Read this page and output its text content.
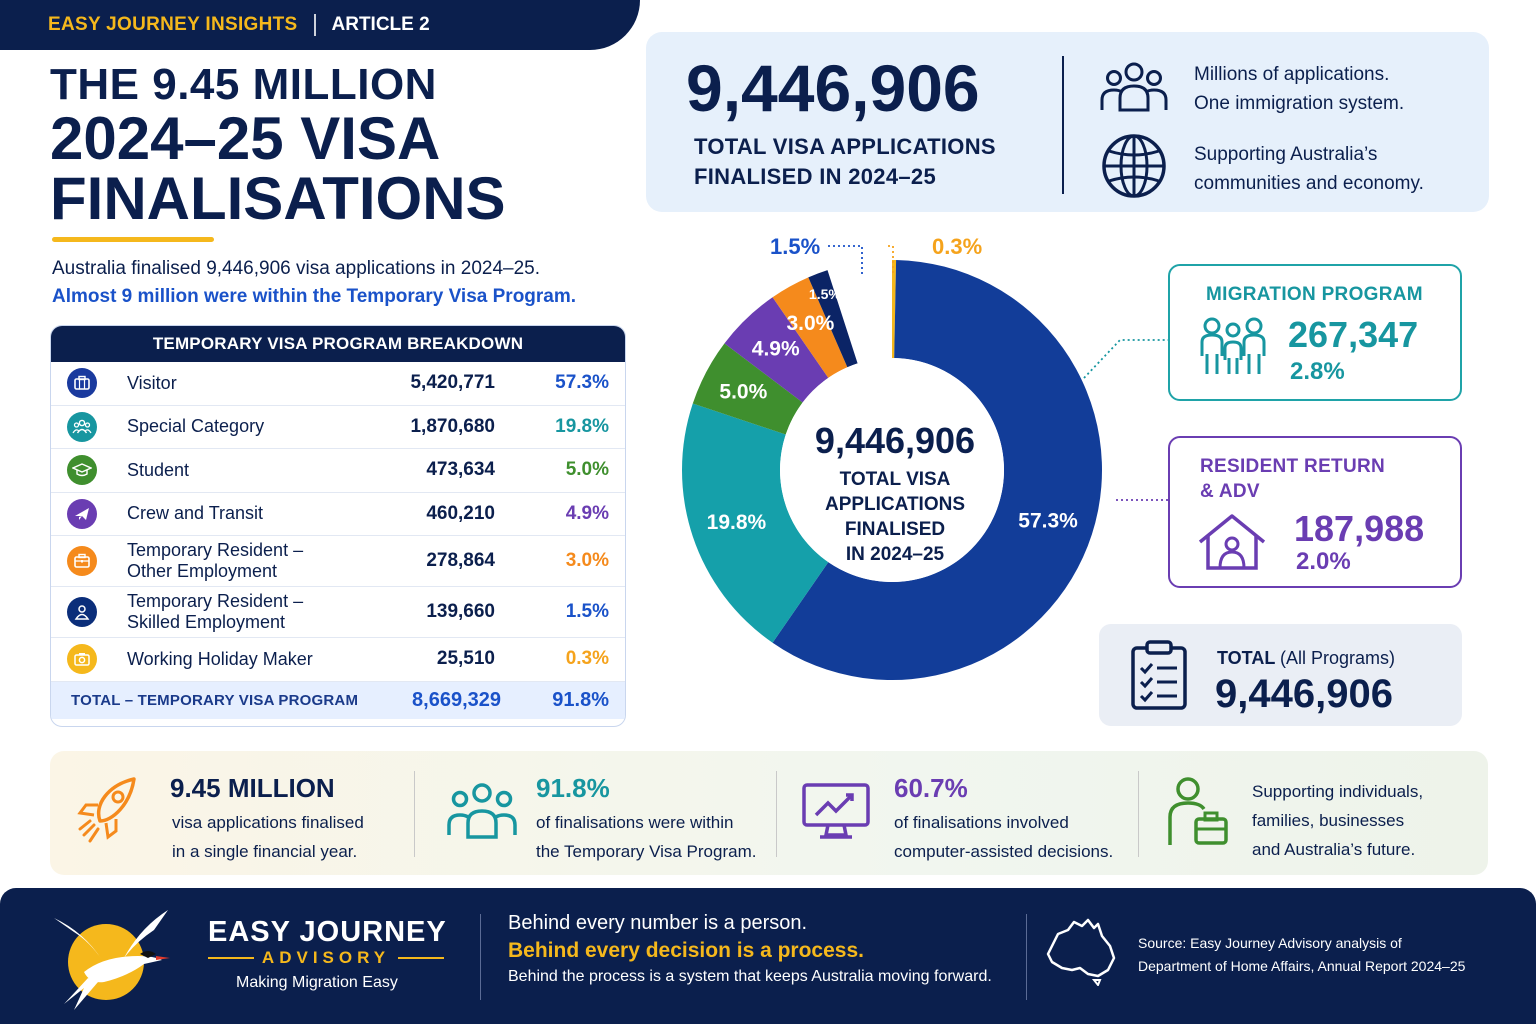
EASY JOURNEY INSIGHTS ARTICLE 2
THE 9.45 MILLION
2024–25 VISA
FINALISATIONS
Australia finalised 9,446,906 visa applications in 2024–25.
Almost 9 million were within the Temporary Visa Program.
TEMPORARY VISA PROGRAM BREAKDOWN
Visitor	5,420,771	57.3%
Special Category	1,870,680	19.8%
Student	473,634	5.0%
Crew and Transit	460,210	4.9%
Temporary Resident –
Other Employment	278,864	3.0%
Temporary Resident –
Skilled Employment	139,660	1.5%
Working Holiday Maker	25,510	0.3%
TOTAL – TEMPORARY VISA PROGRAM	8,669,329	91.8%
9,446,906
TOTAL VISA APPLICATIONS
FINALISED IN 2024–25
Millions of applications.
One immigration system.
Supporting Australia’s
communities and economy.
57.3%
19.8%
5.0%
4.9%
3.0%
1.5%
1.5%	0.3%
9,446,906
TOTAL VISA
APPLICATIONS
FINALISED
IN 2024–25
MIGRATION PROGRAM
267,347
2.8%
RESIDENT RETURN
& ADV
187,988
2.0%
TOTAL (All Programs)
9,446,906
9.45 MILLION
visa applications finalised
in a single financial year.
91.8%
of finalisations were within
the Temporary Visa Program.
60.7%
of finalisations involved
computer-assisted decisions.
Supporting individuals,
families, businesses
and Australia’s future.
EASY JOURNEY
ADVISORY
Making Migration Easy
Behind every number is a person.
Behind every decision is a process.
Behind the process is a system that keeps Australia moving forward.
Source: Easy Journey Advisory analysis of
Department of Home Affairs, Annual Report 2024–25
